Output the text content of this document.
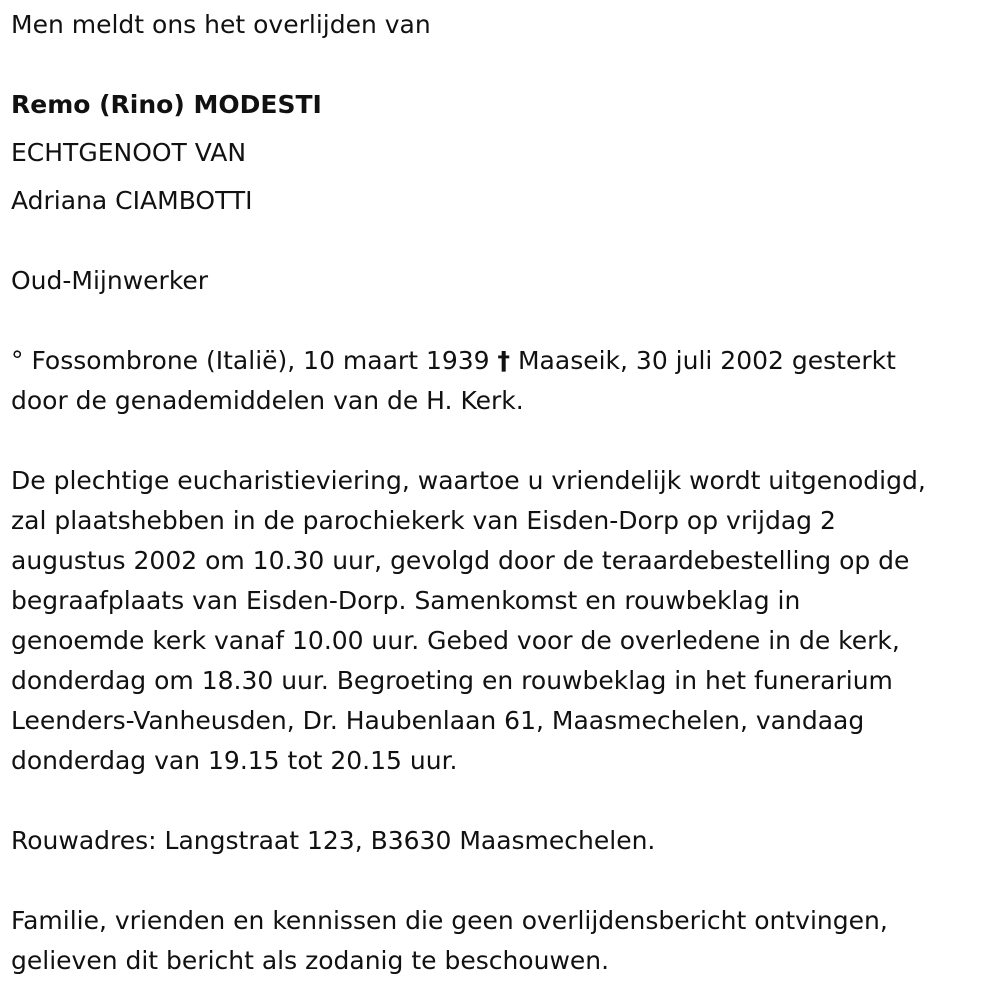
Men meldt ons het overlijden van

Remo (Rino) MODESTI

ECHTGENOOT VAN

Adriana CIAMBOTTI

Oud-Mijnwerker

° Fossombrone (Italië), 10 maart 1939 † Maaseik, 30 juli 2002 gesterkt
door de genademiddelen van de H. Kerk.

De plechtige eucharistieviering, waartoe u vriendelijk wordt uitgenodigd,
zal plaatshebben in de parochiekerk van Eisden-Dorp op vrijdag 2
augustus 2002 om 10.30 uur, gevolgd door de teraardebestelling op de
begraafplaats van Eisden-Dorp. Samenkomst en rouwbeklag in
genoemde kerk vanaf 10.00 uur. Gebed voor de overledene in de kerk,
donderdag om 18.30 uur. Begroeting en rouwbeklag in het funerarium
Leenders-Vanheusden, Dr. Haubenlaan 61, Maasmechelen, vandaag
donderdag van 19.15 tot 20.15 uur.

Rouwadres: Langstraat 123, B3630 Maasmechelen.

Familie, vrienden en kennissen die geen overlijdensbericht ontvingen,
gelieven dit bericht als zodanig te beschouwen.
